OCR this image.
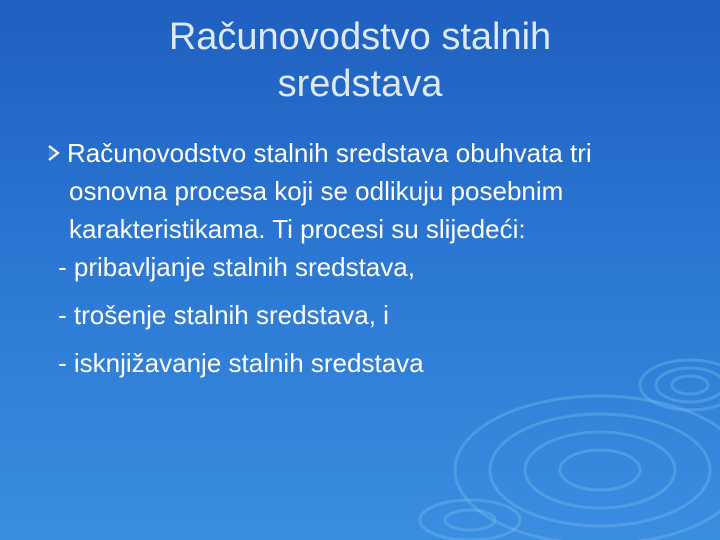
Računovodstvo stalnih
sredstava
Računovodstvo stalnih sredstava obuhvata tri
osnovna procesa koji se odlikuju posebnim
karakteristikama. Ti procesi su slijedeći:
- pribavljanje stalnih sredstava,
- trošenje stalnih sredstava, i
- isknjižavanje stalnih sredstava
